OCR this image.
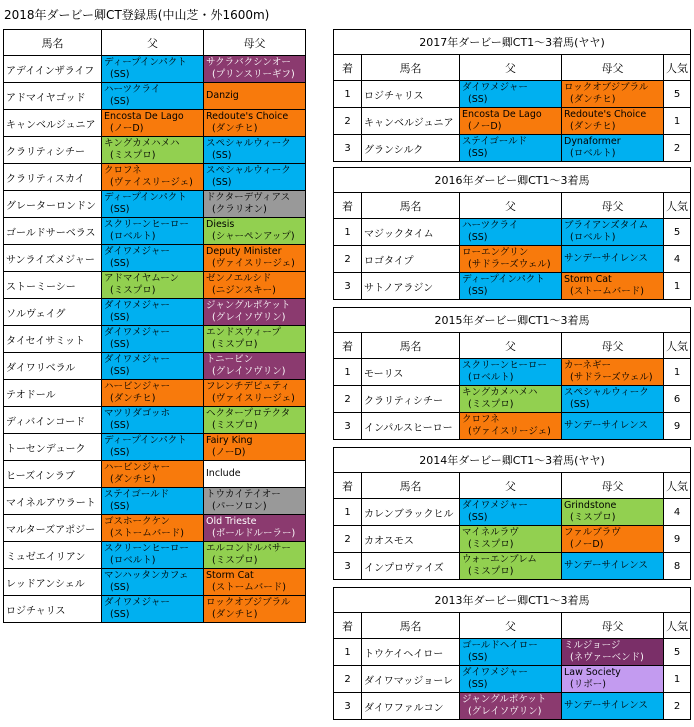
2018年ダービー卿CT登録馬(中山芝・外1600m)
馬名	父	母父
アデイインザライフ	ディープインパクト
(SS)	サクラバクシンオー
(プリンスリーギフ)

アドマイヤゴッド	ハーツクライ
(SS)	Danzig

キャンベルジュニア	Encosta De Lago
(ノーD)	Redoute's Choice
(ダンチヒ)

クラリティシチー	キングカメハメハ
(ミスプロ)	スペシャルウィーク
(SS)

クラリティスカイ	クロフネ
(ヴァイスリージェ)	スペシャルウィーク
(SS)

グレーターロンドン	ディープインパクト
(SS)	ドクターデヴィアス
(クラリオン)

ゴールドサーベラス	スクリーンヒーロー
(ロベルト)	Diesis
(シャーペンアップ)

サンライズメジャー	ダイワメジャー
(SS)	Deputy Minister
(ヴァイスリージェ)

ストーミーシー	アドマイヤムーン
(ミスプロ)	ゼンノエルシド
(ニジンスキー)

ソルヴェイグ	ダイワメジャー
(SS)	ジャングルポケット
(グレイソヴリン)

タイセイサミット	ダイワメジャー
(SS)	エンドスウィープ
(ミスプロ)

ダイワリベラル	ダイワメジャー
(SS)	トニービン
(グレイソヴリン)

テオドール	ハービンジャー
(ダンチヒ)	フレンチデピュティ
(ヴァイスリージェ)

ディバインコード	マツリダゴッホ
(SS)	ヘクタープロテクタ
(ミスプロ)

トーセンデューク	ディープインパクト
(SS)	Fairy King
(ノーD)

ヒーズインラブ	ハービンジャー
(ダンチヒ)	Include

マイネルアウラート	ステイゴールド
(SS)	トウカイテイオー
(パーソロン)

マルターズアポジー	ゴスホークケン
(ストームバード)	Old Trieste
(ボールドルーラー)

ミュゼエイリアン	スクリーンヒーロー
(ロベルト)	エルコンドルパサー
(ミスプロ)

レッドアンシェル	マンハッタンカフェ
(SS)	Storm Cat
(ストームバード)

ロジチャリス	ダイワメジャー
(SS)	ロックオブジブラル
(ダンチヒ)
2017年ダービー卿CT1～3着馬(ヤヤ)				
着	馬名	父	母父	人気
1	ロジチャリス	ダイワメジャー
(SS)	ロックオブジブラル
(ダンチヒ)	5
2	キャンベルジュニア	Encosta De Lago
(ノーD)	Redoute's Choice
(ダンチヒ)	1
3	グランシルク	ステイゴールド
(SS)	Dynaformer
(ロベルト)	2
2016年ダービー卿CT1～3着馬				
着	馬名	父	母父	人気
1	マジックタイム	ハーツクライ
(SS)	ブライアンズタイム
(ロベルト)	5
2	ロゴタイプ	ローエングリン
(サドラーズウェル)	サンデーサイレンス	4
3	サトノアラジン	ディープインパクト
(SS)	Storm Cat
(ストームバード)	1
2015年ダービー卿CT1～3着馬				
着	馬名	父	母父	人気
1	モーリス	スクリーンヒーロー
(ロベルト)	カーネギー
(サドラーズウェル)	1
2	クラリティシチー	キングカメハメハ
(ミスプロ)	スペシャルウィーク
(SS)	6
3	インパルスヒーロー	クロフネ
(ヴァイスリージェ)	サンデーサイレンス	9
2014年ダービー卿CT1～3着馬(ヤヤ)				
着	馬名	父	母父	人気
1	カレンブラックヒル	ダイワメジャー
(SS)	Grindstone
(ミスプロ)	4
2	カオスモス	マイネルラヴ
(ミスプロ)	ファルブラヴ
(ノーD)	9
3	インプロヴァイズ	ウォーエンブレム
(ミスプロ)	サンデーサイレンス	8
2013年ダービー卿CT1～3着馬				
着	馬名	父	母父	人気
1	トウケイヘイロー	ゴールドヘイロー
(SS)	ミルジョージ
(ネヴァーベンド)	5
2	ダイワマッジョーレ	ダイワメジャー
(SS)	Law Society
(リボー)	1
3	ダイワファルコン	ジャングルポケット
(グレイソヴリン)	サンデーサイレンス	2
